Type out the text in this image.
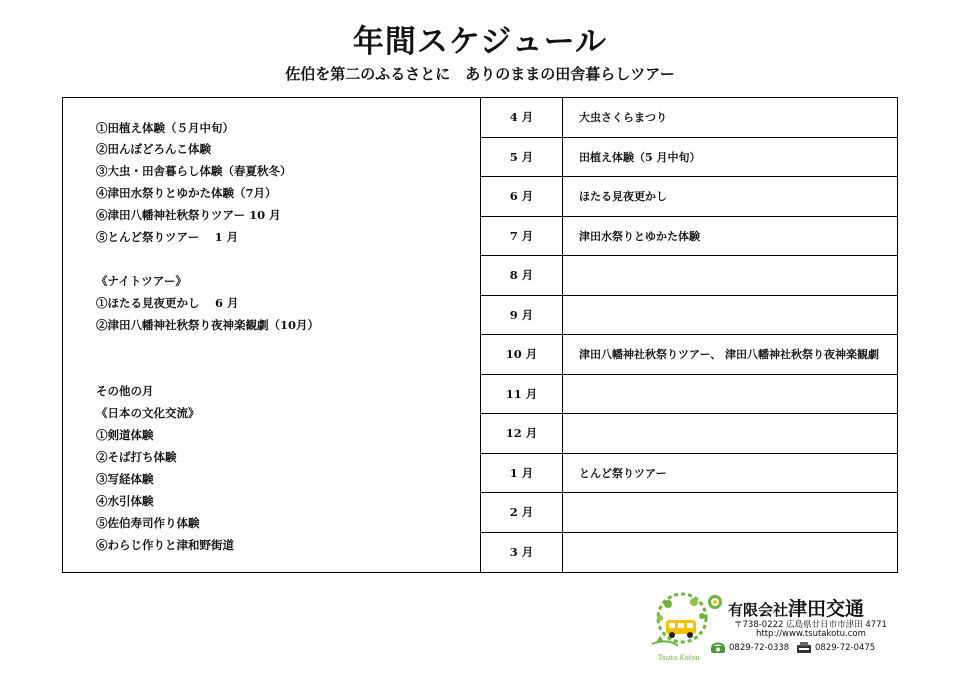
年間スケジュール
佐伯を第二のふるさとに　ありのままの田舎暮らしツアー
①田植え体験（５月中旬）
②田んぼどろんこ体験
③大虫・田舎暮らし体験（春夏秋冬）
④津田水祭りとゆかた体験（7月）
⑥津田八幡神社秋祭りツアー 10 月
⑤とんど祭りツアー　 1 月
《ナイトツアー》
①ほたる見夜更かし　 6 月
②津田八幡神社秋祭り夜神楽観劇（10月）
その他の月
《日本の文化交流》
①剣道体験
②そば打ち体験
③写経体験
④水引体験
⑤佐伯寿司作り体験
⑥わらじ作りと津和野街道
4 月	大虫さくらまつり
5 月	田植え体験（5 月中旬）
6 月	ほたる見夜更かし
7 月	津田水祭りとゆかた体験
8 月
9 月
10 月	津田八幡神社秋祭りツアー、 津田八幡神社秋祭り夜神楽観劇
11 月
12 月
1 月	とんど祭りツアー
2 月
3 月
Tsuta Kotsu
有限会社津田交通
〒738-0222 広島県廿日市市津田 4771
http://www.tsutakotu.com
0829-72-0338	0829-72-0475
